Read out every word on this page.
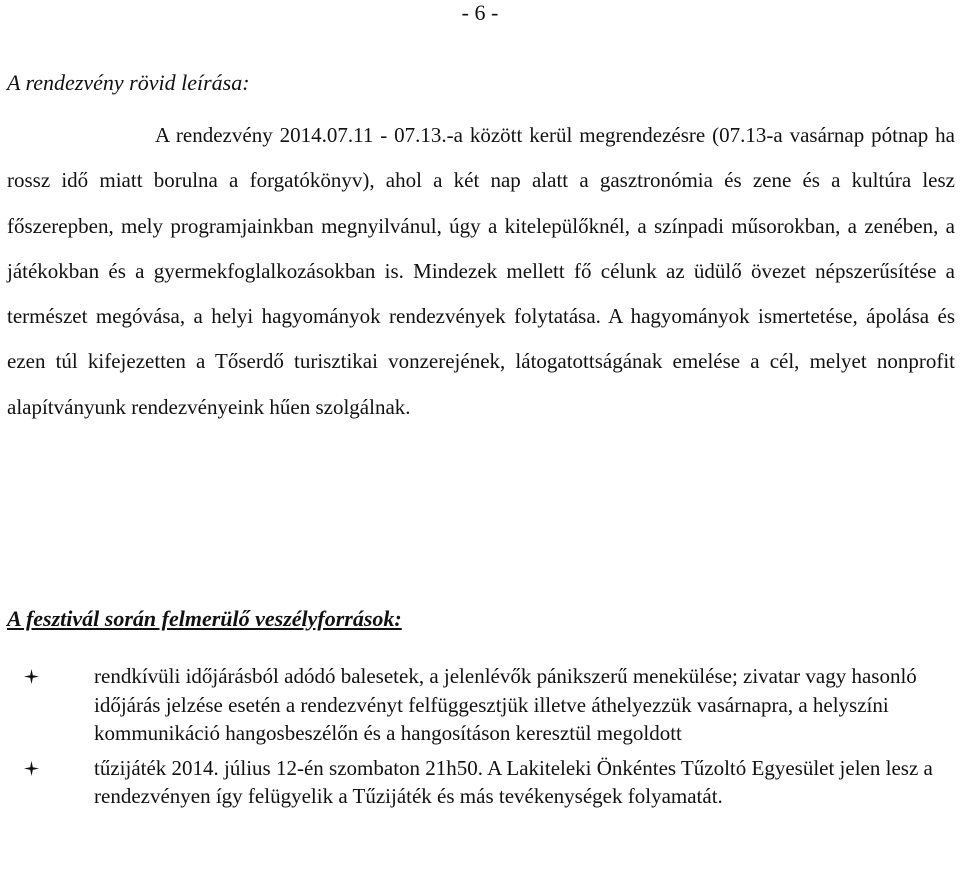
- 6 -
A rendezvény rövid leírása:

A rendezvény 2014.07.11 - 07.13.-a között kerül megrendezésre (07.13-a vasárnap pótnap ha rossz idő miatt borulna a forgatókönyv), ahol a két nap alatt a gasztronómia és zene és a kultúra lesz főszerepben, mely programjainkban megnyilvánul, úgy a kitelepülőknél, a színpadi műsorokban, a zenében, a játékokban és a gyermekfoglalkozásokban is. Mindezek mellett fő célunk az üdülő övezet népszerűsítése a természet megóvása, a helyi hagyományok rendezvények folytatása. A hagyományok ismertetése, ápolása és ezen túl kifejezetten a Tőserdő turisztikai vonzerejének, látogatottságának emelése a cél, melyet nonprofit alapítványunk rendezvényeink hűen szolgálnak.

A fesztivál során felmerülő veszélyforrások:
rendkívüli időjárásból adódó balesetek, a jelenlévők pánikszerű menekülése; zivatar vagy hasonló időjárás jelzése esetén a rendezvényt felfüggesztjük illetve áthelyezzük vasárnapra, a helyszíni kommunikáció hangosbeszélőn és a hangosításon keresztül megoldott
tűzijáték 2014. július 12-én szombaton 21h50. A Lakiteleki Önkéntes Tűzoltó Egyesület jelen lesz a rendezvényen így felügyelik a Tűzijáték és más tevékenységek folyamatát.
